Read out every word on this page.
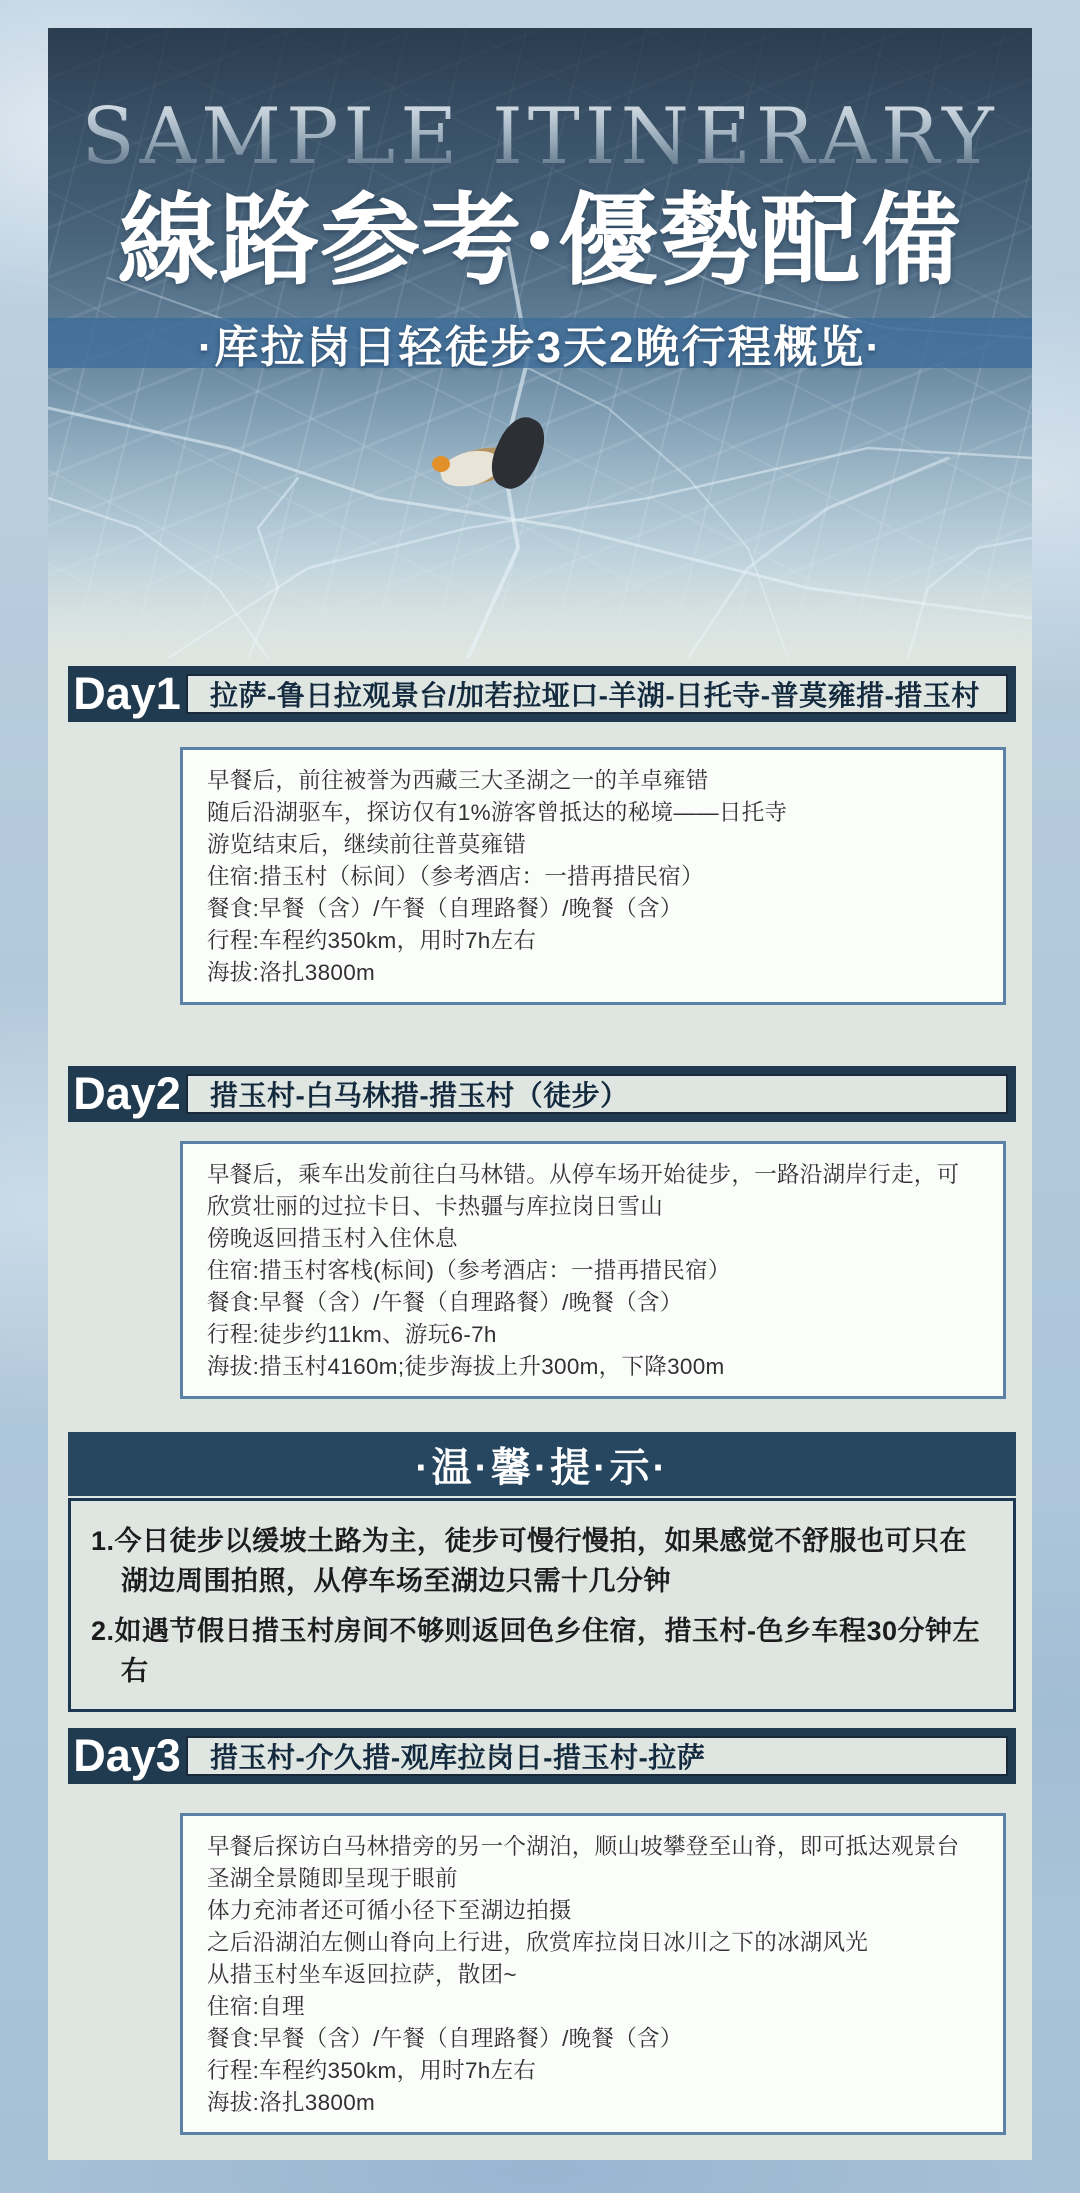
SAMPLE ITINERARY
線路参考·優勢配備
·库拉岗日轻徒步3天2晚行程概览·
Day1	拉萨-鲁日拉观景台/加若拉垭口-羊湖-日托寺-普莫雍措-措玉村
早餐后，前往被誉为西藏三大圣湖之一的羊卓雍错
随后沿湖驱车，探访仅有1%游客曾抵达的秘境——日托寺
游览结束后，继续前往普莫雍错
住宿:措玉村（标间）（参考酒店：一措再措民宿）
餐食:早餐（含）/午餐（自理路餐）/晚餐（含）
行程:车程约350km，用时7h左右
海拔:洛扎3800m
Day2	措玉村-白马林措-措玉村（徒步）
早餐后，乘车出发前往白马林错。从停车场开始徒步，一路沿湖岸行走，可欣赏壮丽的过拉卡日、卡热疆与库拉岗日雪山
傍晚返回措玉村入住休息
住宿:措玉村客栈(标间)（参考酒店：一措再措民宿）
餐食:早餐（含）/午餐（自理路餐）/晚餐（含）
行程:徒步约11km、游玩6-7h
海拔:措玉村4160m;徒步海拔上升300m，下降300m
·温·馨·提·示·
1.今日徒步以缓坡土路为主，徒步可慢行慢拍，如果感觉不舒服也可只在湖边周围拍照，从停车场至湖边只需十几分钟
2.如遇节假日措玉村房间不够则返回色乡住宿，措玉村-色乡车程30分钟左右
Day3	措玉村-介久措-观库拉岗日-措玉村-拉萨
早餐后探访白马林措旁的另一个湖泊，顺山坡攀登至山脊，即可抵达观景台圣湖全景随即呈现于眼前
体力充沛者还可循小径下至湖边拍摄
之后沿湖泊左侧山脊向上行进，欣赏库拉岗日冰川之下的冰湖风光
从措玉村坐车返回拉萨，散团~
住宿:自理
餐食:早餐（含）/午餐（自理路餐）/晚餐（含）
行程:车程约350km，用时7h左右
海拔:洛扎3800m
